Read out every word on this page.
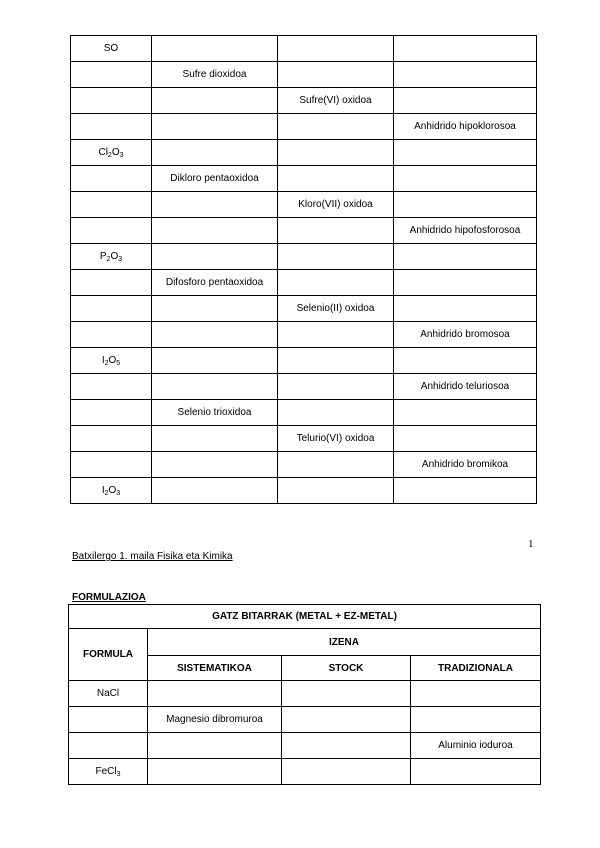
SO			
	Sufre dioxidoa		
		Sufre(VI) oxidoa	
			Anhidrido hipoklorosoa
$Cl_2O_3$			
	Dikloro pentaoxidoa		
		Kloro(VII) oxidoa	
			Anhidrido hipofosforosoa
$P_2O_3$			
	Difosforo pentaoxidoa		
		Selenio(II) oxidoa	
			Anhidrido bromosoa
$I_2O_5$			
			Anhidrido teluriosoa
	Selenio trioxidoa		
		Telurio(VI) oxidoa	
			Anhidrido bromikoa
$I_2O_3$			
1
Batxilergo 1. maila Fisika eta Kimika
FORMULAZIOA
GATZ BITARRAK (METAL + EZ-METAL)			
FORMULA	IZENA		
	SISTEMATIKOA	STOCK	TRADIZIONALA
NaCl			
	Magnesio dibromuroa		
			Aluminio ioduroa
FeCl$_3$			
